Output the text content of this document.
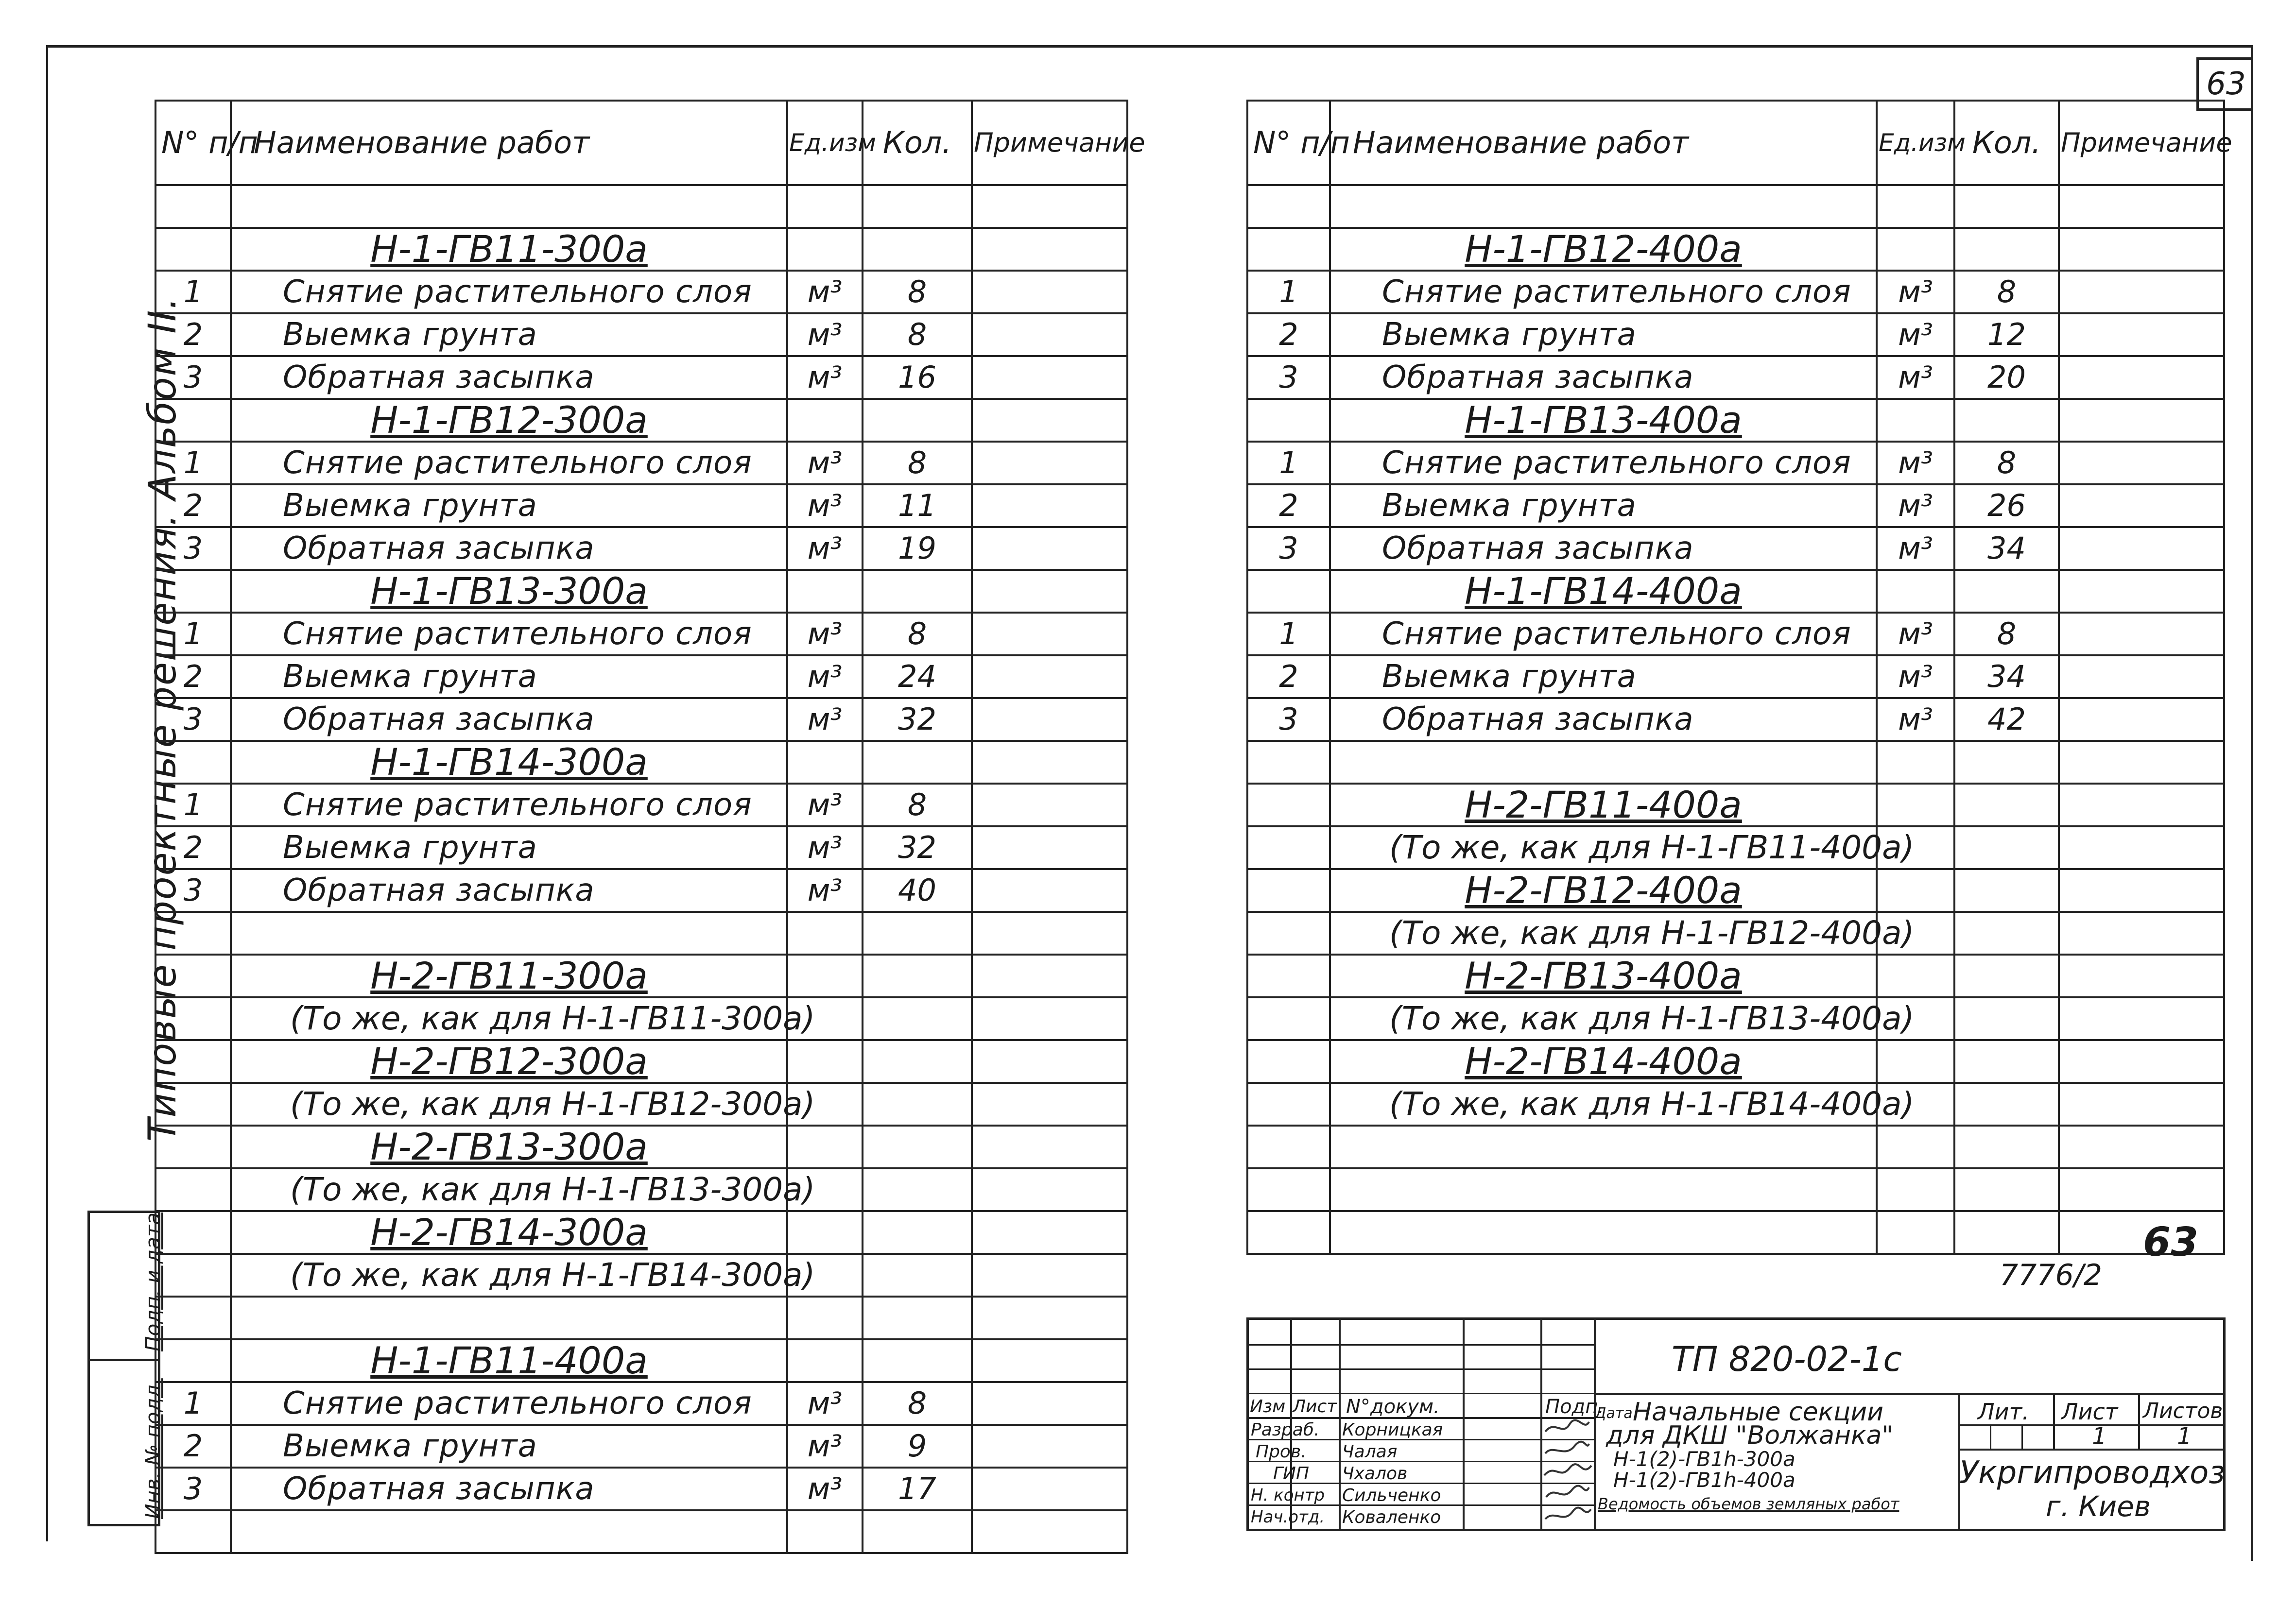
63
Типовые проектные решения. Альбом II.
Подп. и дата
Инв. № подл.
N° п/п	Наименование работ	Ед.изм	Кол.	Примечание

	Н-1-ГВ11-300а			
1	Снятие растительного слоя	м³	8	
2	Выемка грунта	м³	8	
3	Обратная засыпка	м³	16	
	Н-1-ГВ12-300а			
1	Снятие растительного слоя	м³	8	
2	Выемка грунта	м³	11	
3	Обратная засыпка	м³	19	
	Н-1-ГВ13-300а			
1	Снятие растительного слоя	м³	8	
2	Выемка грунта	м³	24	
3	Обратная засыпка	м³	32	
	Н-1-ГВ14-300а			
1	Снятие растительного слоя	м³	8	
2	Выемка грунта	м³	32	
3	Обратная засыпка	м³	40	

	Н-2-ГВ11-300а			
	(То же, как для Н-1-ГВ11-300а)			
	Н-2-ГВ12-300а			
	(То же, как для Н-1-ГВ12-300а)			
	Н-2-ГВ13-300а			
	(То же, как для Н-1-ГВ13-300а)			
	Н-2-ГВ14-300а			
	(То же, как для Н-1-ГВ14-300а)			

	Н-1-ГВ11-400а			
1	Снятие растительного слоя	м³	8	
2	Выемка грунта	м³	9	
3	Обратная засыпка	м³	17	

N° п/п	Наименование работ	Ед.изм	Кол.	Примечание

	Н-1-ГВ12-400а			
1	Снятие растительного слоя	м³	8	
2	Выемка грунта	м³	12	
3	Обратная засыпка	м³	20	
	Н-1-ГВ13-400а			
1	Снятие растительного слоя	м³	8	
2	Выемка грунта	м³	26	
3	Обратная засыпка	м³	34	
	Н-1-ГВ14-400а			
1	Снятие растительного слоя	м³	8	
2	Выемка грунта	м³	34	
3	Обратная засыпка	м³	42	

	Н-2-ГВ11-400а			
	(То же, как для Н-1-ГВ11-400а)			
	Н-2-ГВ12-400а			
	(То же, как для Н-1-ГВ12-400а)			
	Н-2-ГВ13-400а			
	(То же, как для Н-1-ГВ13-400а)			
	Н-2-ГВ14-400а			
	(То же, как для Н-1-ГВ14-400а)			

63
7776/2
Изм Лист N°докум.	Подп.
Дата
Разраб. Корницкая
Пров. Чалая
ГИП Чхалов
Н. контр Сильченко
Нач.отд. Коваленко
ТП 820-02-1с
Начальные секции
для ДКШ "Волжанка"
Н-1(2)-ГВ1h-300а
Н-1(2)-ГВ1h-400а
Ведомость объемов земляных работ
Лит. Лист Листов
1	1
Укргипроводхоз
г. Киев
